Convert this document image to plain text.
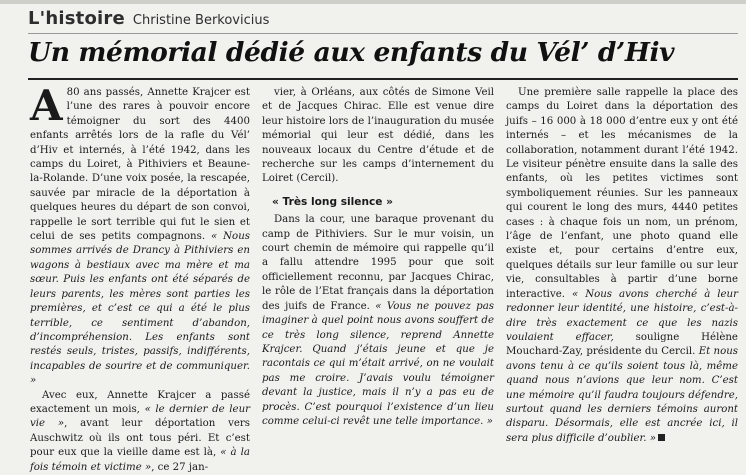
L'histoire Christine Berkovicius
Un mémorial dédié aux enfants du Vél’ d’Hiv

A 80 ans passés, Annette Krajcer est l’une des rares à pouvoir encore témoigner du sort des 4400 enfants arrêtés lors de la rafle du Vél’ d’Hiv et internés, à l’été 1942, dans les camps du Loiret, à Pithiviers et Beaune-la-Rolande. D’une voix posée, la rescapée, sauvée par miracle de la déportation à quelques heures du départ de son convoi, rappelle le sort terrible qui fut le sien et celui de ses petits compagnons. « Nous sommes arrivés de Drancy à Pithiviers en wagons à bestiaux avec ma mère et ma sœur. Puis les enfants ont été séparés de leurs parents, les mères sont parties les premières, et c’est ce qui a été le plus terrible, ce sentiment d’abandon, d’incompréhension. Les enfants sont restés seuls, tristes, passifs, indifférents, incapables de sourire et de communiquer. »

Avec eux, Annette Krajcer a passé exactement un mois, « le dernier de leur vie », avant leur déportation vers Auschwitz où ils ont tous péri. Et c’est pour eux que la vieille dame est là, « à la fois témoin et victime », ce 27 jan-

vier, à Orléans, aux côtés de Simone Veil et de Jacques Chirac. Elle est venue dire leur histoire lors de l’inauguration du musée mémorial qui leur est dédié, dans les nouveaux locaux du Centre d’étude et de recherche sur les camps d’internement du Loiret (Cercil).

« Très long silence »

Dans la cour, une baraque provenant du camp de Pithiviers. Sur le mur voisin, un court chemin de mémoire qui rappelle qu’il a fallu attendre 1995 pour que soit officiellement reconnu, par Jacques Chirac, le rôle de l’Etat français dans la déportation des juifs de France. « Vous ne pouvez pas imaginer à quel point nous avons souffert de ce très long silence, reprend Annette Krajcer. Quand j’étais jeune et que je racontais ce qui m’était arrivé, on ne voulait pas me croire. J’avais voulu témoigner devant la justice, mais il n’y a pas eu de procès. C’est pourquoi l’existence d’un lieu comme celui-ci revêt une telle importance. »

Une première salle rappelle la place des camps du Loiret dans la déportation des juifs – 16 000 à 18 000 d’entre eux y ont été internés – et les mécanismes de la collaboration, notamment durant l’été 1942. Le visiteur pénètre ensuite dans la salle des enfants, où les petites victimes sont symboliquement réunies. Sur les panneaux qui courent le long des murs, 4440 petites cases : à chaque fois un nom, un prénom, l’âge de l’enfant, une photo quand elle existe et, pour certains d’entre eux, quelques détails sur leur famille ou sur leur vie, consultables à partir d’une borne interactive. « Nous avons cherché à leur redonner leur identité, une histoire, c’est-à-dire très exactement ce que les nazis voulaient effacer, souligne Hélène Mouchard-Zay, présidente du Cercil. Et nous avons tenu à ce qu’ils soient tous là, même quand nous n’avions que leur nom. C’est une mémoire qu’il faudra toujours défendre, surtout quand les derniers témoins auront disparu. Désormais, elle est ancrée ici, il sera plus difficile d’oublier. »
